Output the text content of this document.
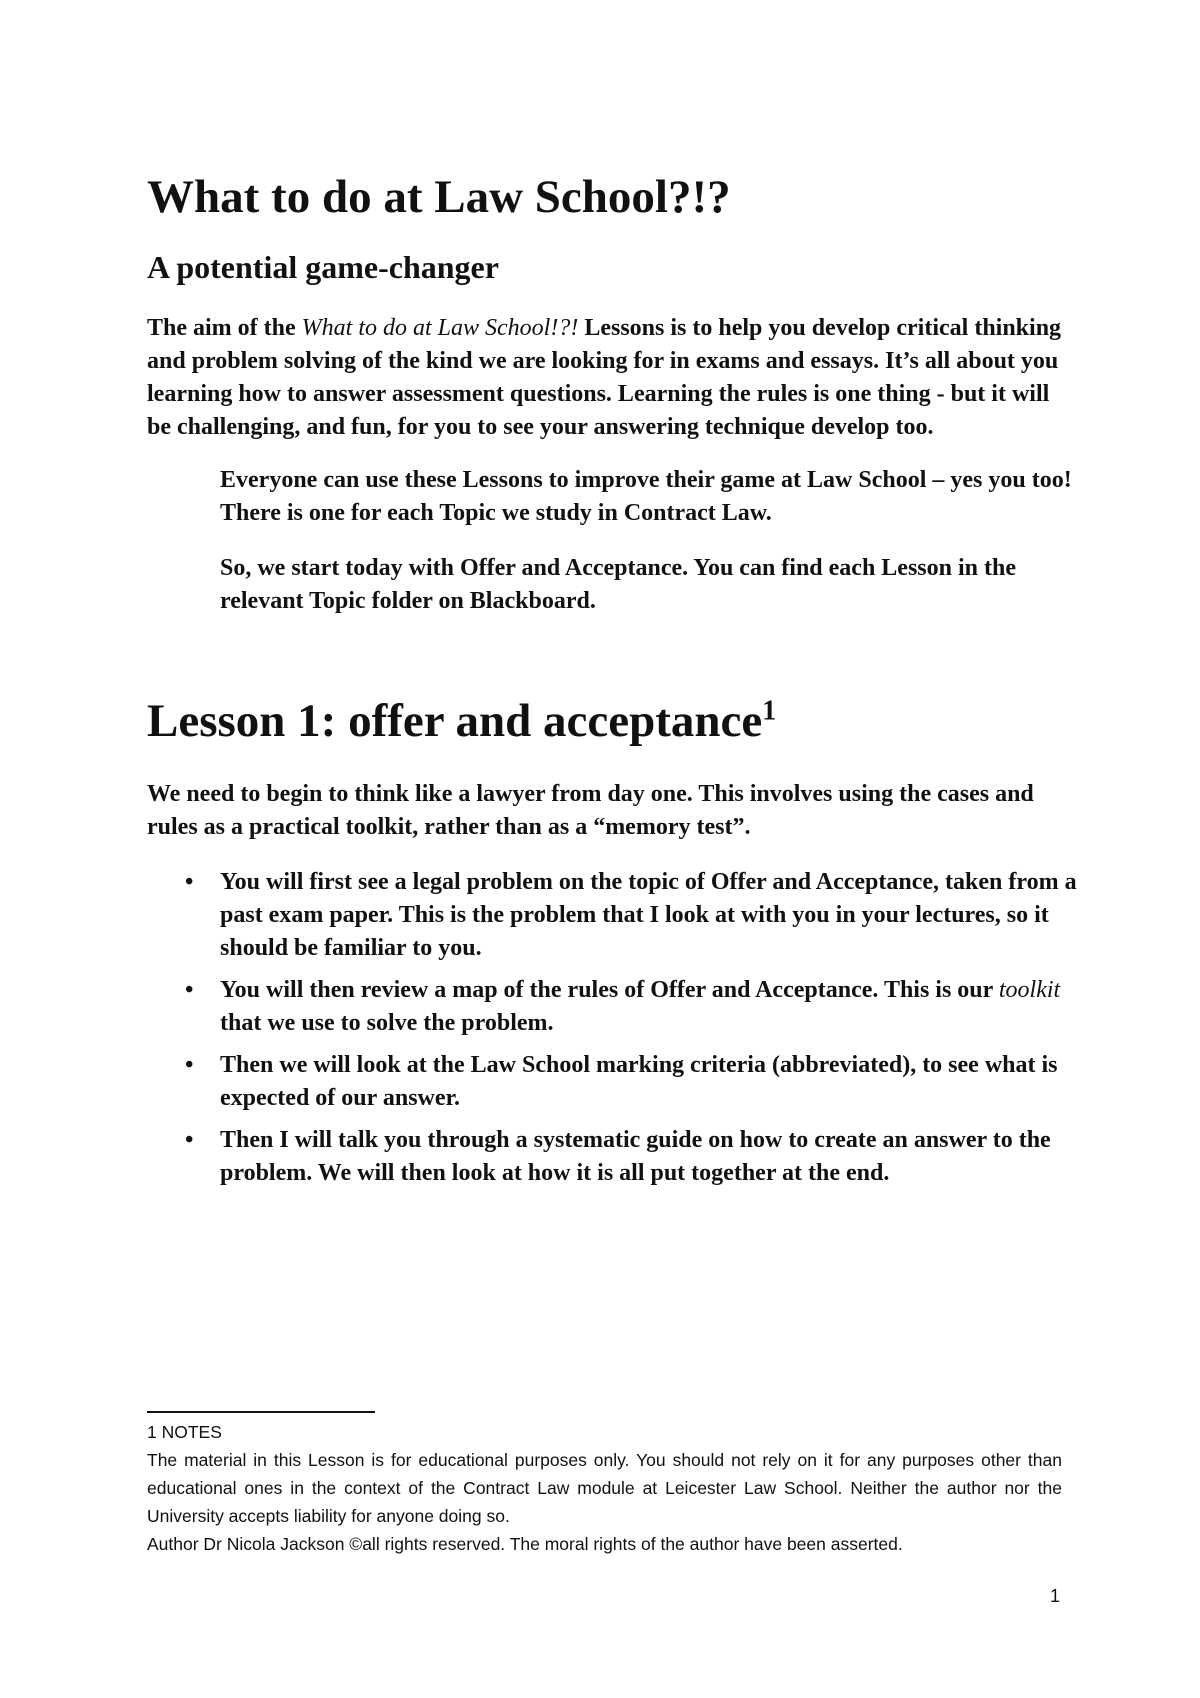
What to do at Law School?!?
A potential game-changer

The aim of the What to do at Law School!?! Lessons is to help you develop critical thinking and problem solving of the kind we are looking for in exams and essays. It’s all about you learning how to answer assessment questions. Learning the rules is one thing - but it will be challenging, and fun, for you to see your answering technique develop too.

Everyone can use these Lessons to improve their game at Law School – yes you too! There is one for each Topic we study in Contract Law.

So, we start today with Offer and Acceptance. You can find each Lesson in the relevant Topic folder on Blackboard.

Lesson 1: offer and acceptance$^1$

We need to begin to think like a lawyer from day one. This involves using the cases and rules as a practical toolkit, rather than as a “memory test”.

• You will first see a legal problem on the topic of Offer and Acceptance, taken from a past exam paper. This is the problem that I look at with you in your lectures, so it should be familiar to you.
• You will then review a map of the rules of Offer and Acceptance. This is our toolkit that we use to solve the problem.
• Then we will look at the Law School marking criteria (abbreviated), to see what is expected of our answer.
• Then I will talk you through a systematic guide on how to create an answer to the problem. We will then look at how it is all put together at the end.

1 NOTES

The material in this Lesson is for educational purposes only. You should not rely on it for any purposes other than educational ones in the context of the Contract Law module at Leicester Law School. Neither the author nor the University accepts liability for anyone doing so.

Author Dr Nicola Jackson ©all rights reserved. The moral rights of the author have been asserted.

1
